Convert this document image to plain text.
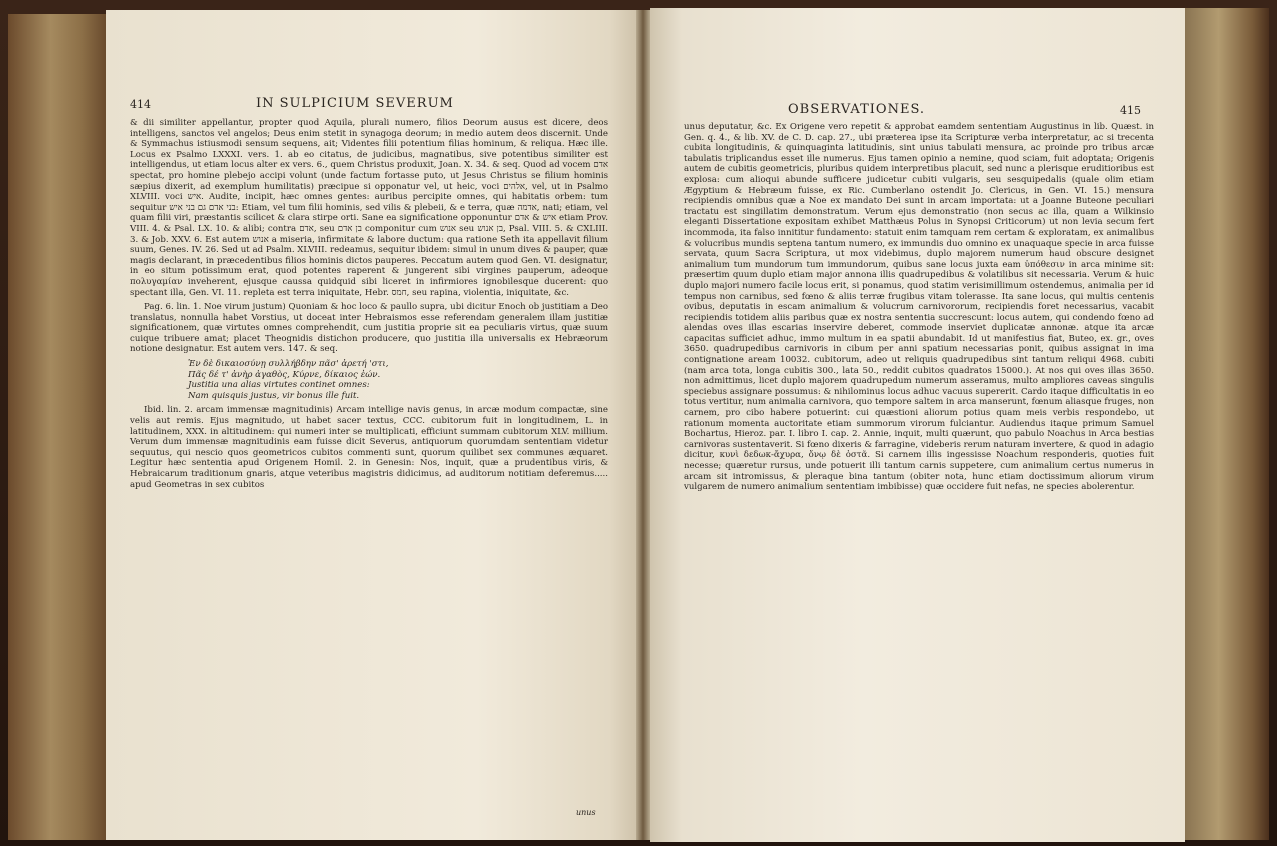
414	IN SULPICIUM SEVERUM

& dii similiter appellantur, propter quod Aquila, plurali numero, filios Deorum ausus est dicere, deos intelligens, sanctos vel angelos; Deus enim stetit in synagoga deorum; in medio autem deos discernit. Unde & Symmachus istiusmodi sensum sequens, ait; Videntes filii potentium filias hominum, & reliqua. Hæc ille. Locus ex Psalmo LXXXI. vers. 1. ab eo citatus, de judicibus, magnatibus, sive potentibus similiter est intelligendus, ut etiam locus alter ex vers. 6., quem Christus produxit, Joan. X. 34. & seq. Quod ad vocem אדם spectat, pro homine plebejo accipi volunt (unde factum fortasse puto, ut Jesus Christus se filium hominis sæpius dixerit, ad exemplum humilitatis) præcipue si opponatur vel, ut heic, voci אלהים, vel, ut in Psalmo XLVIII. voci איש. Audite, incipit, hæc omnes gentes: auribus percipite omnes, qui habitatis orbem: tum sequitur בני אדם גם בני איש: Etiam, vel tum filii hominis, sed vilis & plebeii, & e terra, quæ אדמה, nati; etiam, vel quam filii viri, præstantis scilicet & clara stirpe orti. Sane ea significatione opponuntur איש & אדם etiam Prov. VIII. 4. & Psal. LX. 10. & alibi; contra אדם, seu בן אדם componitur cum אנוש seu בן אנוש, Psal. VIII. 5. & CXLIII. 3. & Job. XXV. 6. Est autem אנוש a miseria, infirmitate & labore ductum: qua ratione Seth ita appellavit filium suum, Genes. IV. 26. Sed ut ad Psalm. XLVIII. redeamus, sequitur ibidem: simul in unum dives & pauper, quæ magis declarant, in præcedentibus filios hominis dictos pauperes. Peccatum autem quod Gen. VI. designatur, in eo situm potissimum erat, quod potentes raperent & jungerent sibi virgines pauperum, adeoque πολυγαμίαν inveherent, ejusque caussa quidquid sibi liceret in infirmiores ignobilesque ducerent: quo spectant illa, Gen. VI. 11. repleta est terra iniquitate, Hebr. חמס, seu rapina, violentia, iniquitate, &c.

Pag. 6. lin. 1. Noe virum justum) Quoniam & hoc loco & paullo supra, ubi dicitur Enoch ob justitiam a Deo translatus, nonnulla habet Vorstius, ut doceat inter Hebraismos esse referendam generalem illam justitiæ significationem, quæ virtutes omnes comprehendit, cum justitia proprie sit ea peculiaris virtus, quæ suum cuique tribuere amat; placet Theognidis distichon producere, quo justitia illa universalis ex Hebræorum notione designatur. Est autem vers. 147. & seq.

Ἐν δὲ δικαιοσύνῃ συλλήβδην πᾶσ' ἀρετή 'στι,
Πᾶς δέ τ' ἀνὴρ ἀγαθὸς, Κύρνε, δίκαιος ἐών.
Justitia una alias virtutes continet omnes:
Nam quisquis justus, vir bonus ille fuit.

Ibid. lin. 2. arcam immensæ magnitudinis) Arcam intellige navis genus, in arcæ modum compactæ, sine velis aut remis. Ejus magnitudo, ut habet sacer textus, CCC. cubitorum fuit in longitudinem, L. in latitudinem, XXX. in altitudinem: qui numeri inter se multiplicati, efficiunt summam cubitorum XLV. millium. Verum dum immensæ magnitudinis eam fuisse dicit Severus, antiquorum quorumdam sententiam videtur sequutus, qui nescio quos geometricos cubitos commenti sunt, quorum quilibet sex communes æquaret. Legitur hæc sententia apud Origenem Homil. 2. in Genesin: Nos, inquit, quæ a prudentibus viris, & Hebraicarum traditionum gnaris, atque veteribus magistris didicimus, ad auditorum notitiam deferemus..... apud Geometras in sex cubitos

unus
OBSERVATIONES.	415

unus deputatur, &c. Ex Origene vero repetit & approbat eamdem sententiam Augustinus in lib. Quæst. in Gen. q. 4., & lib. XV. de C. D. cap. 27., ubi præterea ipse ita Scripturæ verba interpretatur, ac si trecenta cubita longitudinis, & quinquaginta latitudinis, sint unius tabulati mensura, ac proinde pro tribus arcæ tabulatis triplicandus esset ille numerus. Ejus tamen opinio a nemine, quod sciam, fuit adoptata; Origenis autem de cubitis geometricis, pluribus quidem interpretibus placuit, sed nunc a plerisque eruditioribus est explosa: cum alioqui abunde sufficere judicetur cubiti vulgaris, seu sesquipedalis (quale olim etiam Ægyptium & Hebræum fuisse, ex Ric. Cumberlano ostendit Jo. Clericus, in Gen. VI. 15.) mensura recipiendis omnibus quæ a Noe ex mandato Dei sunt in arcam importata: ut a Joanne Buteone peculiari tractatu est singillatim demonstratum. Verum ejus demonstratio (non secus ac illa, quam a Wilkinsio eleganti Dissertatione expositam exhibet Matthæus Polus in Synopsi Criticorum) ut non levia secum fert incommoda, ita falso innititur fundamento: statuit enim tamquam rem certam & exploratam, ex animalibus & volucribus mundis septena tantum numero, ex immundis duo omnino ex unaquaque specie in arca fuisse servata, quum Sacra Scriptura, ut mox videbimus, duplo majorem numerum haud obscure designet animalium tum mundorum tum immundorum, quibus sane locus juxta eam ὑπόθεσιν in arca minime sit: præsertim quum duplo etiam major annona illis quadrupedibus & volatilibus sit necessaria. Verum & huic duplo majori numero facile locus erit, si ponamus, quod statim verisimillimum ostendemus, animalia per id tempus non carnibus, sed fœno & aliis terræ frugibus vitam tolerasse. Ita sane locus, qui multis centenis ovibus, deputatis in escam animalium & volucrum carnivororum, recipiendis foret necessarius, vacabit recipiendis totidem aliis paribus quæ ex nostra sententia succrescunt: locus autem, qui condendo fœno ad alendas oves illas escarias inservire deberet, commode inserviet duplicatæ annonæ. atque ita arcæ capacitas sufficiet adhuc, immo multum in ea spatii abundabit. Id ut manifestius fiat, Buteo, ex. gr., oves 3650. quadrupedibus carnivoris in cibum per anni spatium necessarias ponit, quibus assignat in ima contignatione aream 10032. cubitorum, adeo ut reliquis quadrupedibus sint tantum reliqui 4968. cubiti (nam arca tota, longa cubitis 300., lata 50., reddit cubitos quadratos 15000.). At nos qui oves illas 3650. non admittimus, licet duplo majorem quadrupedum numerum asseramus, multo ampliores caveas singulis speciebus assignare possumus: & nihilominus locus adhuc vacuus supererit. Cardo itaque difficultatis in eo totus vertitur, num animalia carnivora, quo tempore saltem in arca manserunt, fœnum aliasque fruges, non carnem, pro cibo habere potuerint: cui quæstioni aliorum potius quam meis verbis respondebo, ut rationum momenta auctoritate etiam summorum virorum fulciantur. Audiendus itaque primum Samuel Bochartus, Hieroz. par. I. libro I. cap. 2. Annie, inquit, multi quærunt, quo pabulo Noachus in Arca bestias carnivoras sustentaverit. Si fœno dixeris & farragine, videberis rerum naturam invertere, & quod in adagio dicitur, κυνὶ δεδωκ-ἄχυρα, ὄνῳ δὲ ὀστᾶ. Si carnem illis ingessisse Noachum responderis, quoties fuit necesse; quæretur rursus, unde potuerit illi tantum carnis suppetere, cum animalium certus numerus in arcam sit intromissus, & pleraque bina tantum (obiter nota, hunc etiam doctissimum aliorum virum vulgarem de numero animalium sententiam imbibisse) quæ occidere fuit nefas, ne species abolerentur.
